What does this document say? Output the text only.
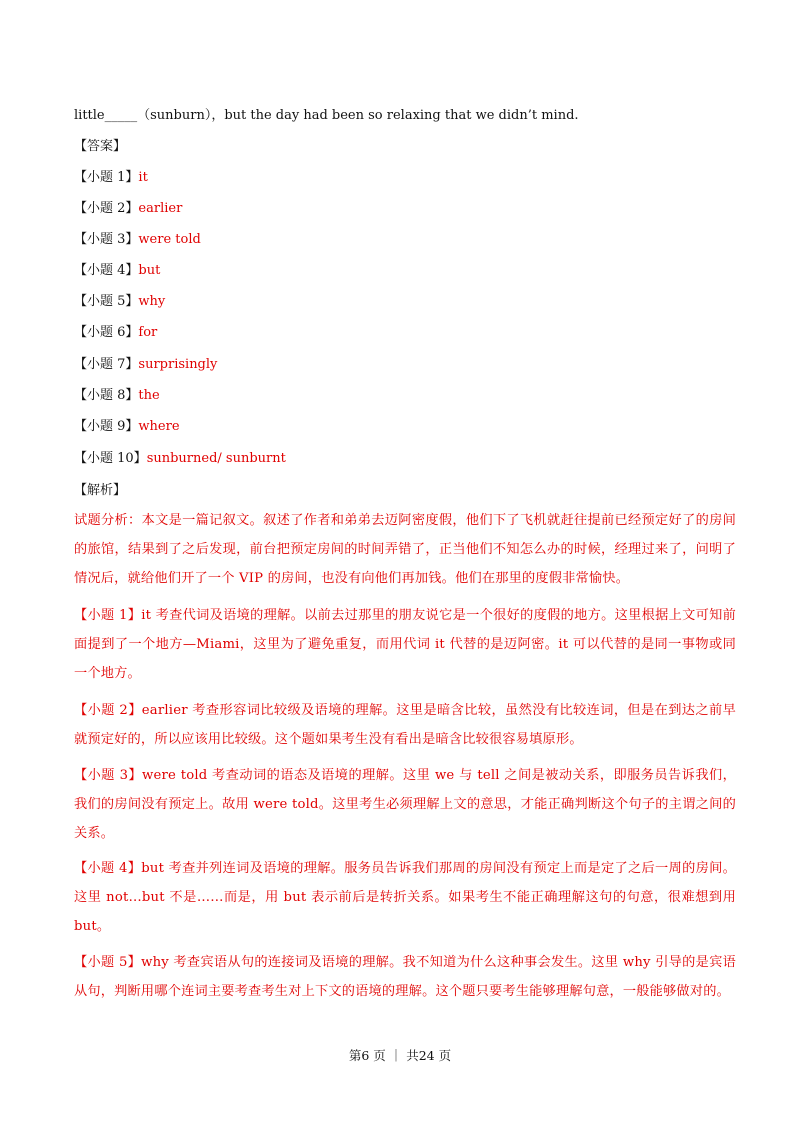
little_____（sunburn），but the day had been so relaxing that we didn’t mind.
【答案】
【小题 1】it
【小题 2】earlier
【小题 3】were told
【小题 4】but
【小题 5】why
【小题 6】for
【小题 7】surprisingly
【小题 8】the
【小题 9】where
【小题 10】sunburned/ sunburnt
【解析】
试题分析：本文是一篇记叙文。叙述了作者和弟弟去迈阿密度假，他们下了飞机就赶往提前已经预定好了的房间的旅馆，结果到了之后发现，前台把预定房间的时间弄错了，正当他们不知怎么办的时候，经理过来了，问明了情况后，就给他们开了一个 VIP 的房间，也没有向他们再加钱。他们在那里的度假非常愉快。
【小题 1】it 考查代词及语境的理解。以前去过那里的朋友说它是一个很好的度假的地方。这里根据上文可知前面提到了一个地方—Miami，这里为了避免重复，而用代词 it 代替的是迈阿密。it 可以代替的是同一事物或同一个地方。
【小题 2】earlier 考查形容词比较级及语境的理解。这里是暗含比较，虽然没有比较连词，但是在到达之前早就预定好的，所以应该用比较级。这个题如果考生没有看出是暗含比较很容易填原形。
【小题 3】were told 考查动词的语态及语境的理解。这里 we 与 tell 之间是被动关系，即服务员告诉我们，我们的房间没有预定上。故用 were told。这里考生必须理解上文的意思，才能正确判断这个句子的主谓之间的关系。
【小题 4】but 考查并列连词及语境的理解。服务员告诉我们那周的房间没有预定上而是定了之后一周的房间。这里 not…but 不是……而是，用 but 表示前后是转折关系。如果考生不能正确理解这句的句意，很难想到用 but。
【小题 5】why 考查宾语从句的连接词及语境的理解。我不知道为什么这种事会发生。这里 why 引导的是宾语从句，判断用哪个连词主要考查考生对上下文的语境的理解。这个题只要考生能够理解句意，一般能够做对的。
第6 页 ｜ 共24 页
